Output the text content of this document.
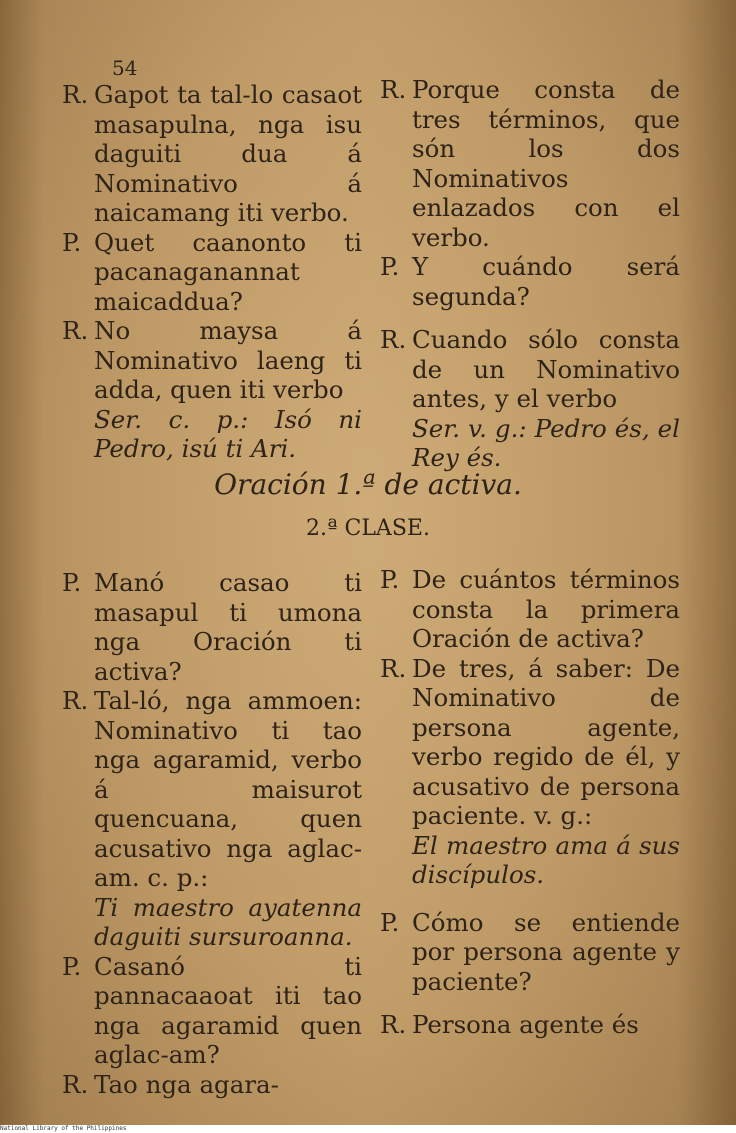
54
R. Gapot ta tal-lo casaot masapulna, nga isu daguiti dua á Nominativo á naicamang iti verbo.
P. Quet caanonto ti pacanaganannat maicaddua?
R. No maysa á Nominativo laeng ti adda, quen iti verbo
Ser. c. p.: Isó ni Pedro, isú ti Ari.
R. Porque consta de tres términos, que són los dos Nominativos enlazados con el verbo.
P. Y cuándo será segunda?
R. Cuando sólo consta de un Nominativo antes, y el verbo
Ser. v. g.: Pedro és, el Rey és.
Oración 1.ª de activa.
2.ª CLASE.
P. Manó casao ti masapul ti umona nga Oración ti activa?
R. Tal-ló, nga ammoen: Nominativo ti tao nga agaramid, verbo á maisurot quencuana, quen acusativo nga aglac-am. c. p.:
Ti maestro ayatenna daguiti sursuroanna.
P. Casanó ti pannacaaoat iti tao nga agaramid quen aglac-am?
R. Tao nga agara-
P. De cuántos términos consta la primera Oración de activa?
R. De tres, á saber: De Nominativo de persona agente, verbo regido de él, y acusativo de persona paciente. v. g.:
El maestro ama á sus discípulos.
P. Cómo se entiende por persona agente y paciente?
R. Persona agente és
National Library of the Philippines
